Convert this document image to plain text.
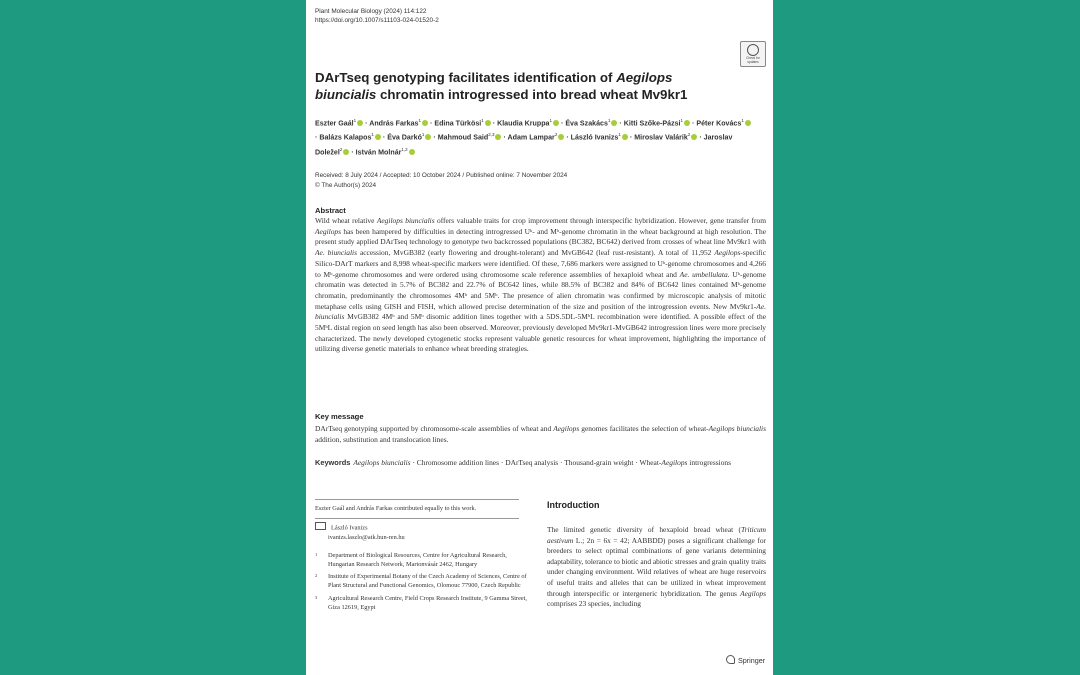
Plant Molecular Biology (2024) 114:122
https://doi.org/10.1007/s11103-024-01520-2
Check for updates
DArTseq genotyping facilitates identification of Aegilops biuncialis chromatin introgressed into bread wheat Mv9kr1
Eszter Gaál$^1$ · András Farkas$^1$ · Edina Türkösi$^1$ · Klaudia Kruppa$^1$ · Éva Szakács$^1$ · Kitti Szőke-Pázsi$^1$ · Péter Kovács$^1$ · Balázs Kalapos$^1$ · Éva Darkó$^1$ · Mahmoud Said$^{2,3}$ · Adam Lampar$^2$ · László Ivanizs$^1$ · Miroslav Valárik$^2$ · Jaroslav Doležel$^2$ · István Molnár$^{1,2}$
Received: 8 July 2024 / Accepted: 10 October 2024 / Published online: 7 November 2024
© The Author(s) 2024
Abstract
Wild wheat relative Aegilops biuncialis offers valuable traits for crop improvement through interspecific hybridization. However, gene transfer from Aegilops has been hampered by difficulties in detecting introgressed Uᵇ- and Mᵇ-genome chromatin in the wheat background at high resolution. The present study applied DArTseq technology to genotype two backcrossed populations (BC382, BC642) derived from crosses of wheat line Mv9kr1 with Ae. biuncialis accession, MvGB382 (early flowering and drought-tolerant) and MvGB642 (leaf rust-resistant). A total of 11,952 Aegilops-specific Silico-DArT markers and 8,998 wheat-specific markers were identified. Of these, 7,686 markers were assigned to Uᵇ-genome chromosomes and 4,266 to Mᵇ-genome chromosomes and were ordered using chromosome scale reference assemblies of hexaploid wheat and Ae. umbellulata. Uᵇ-genome chromatin was detected in 5.7% of BC382 and 22.7% of BC642 lines, while 88.5% of BC382 and 84% of BC642 lines contained Mᵇ-genome chromatin, predominantly the chromosomes 4Mᵇ and 5Mᵇ. The presence of alien chromatin was confirmed by microscopic analysis of mitotic metaphase cells using GISH and FISH, which allowed precise determination of the size and position of the introgression events. New Mv9kr1-Ae. biuncialis MvGB382 4Mᵇ and 5Mᵇ disomic addition lines together with a 5DS.5DL-5MᵇL recombination were identified. A possible effect of the 5MᵇL distal region on seed length has also been observed. Moreover, previously developed Mv9kr1-MvGB642 introgression lines were more precisely characterized. The newly developed cytogenetic stocks represent valuable genetic resources for wheat improvement, highlighting the importance of utilizing diverse genetic materials to enhance wheat breeding strategies.
Key message
DArTseq genotyping supported by chromosome-scale assemblies of wheat and Aegilops genomes facilitates the selection of wheat-Aegilops biuncialis addition, substitution and translocation lines.
Keywords Aegilops biuncialis · Chromosome addition lines · DArTseq analysis · Thousand-grain weight · Wheat-Aegilops introgressions
Eszter Gaál and András Farkas contributed equally to this work.
László Ivanizs
ivanizs.laszlo@atk.hun-ren.hu
1 Department of Biological Resources, Centre for Agricultural Research, Hungarian Research Network, Martonvásár 2462, Hungary
2 Institute of Experimental Botany of the Czech Academy of Sciences, Centre of Plant Structural and Functional Genomics, Olomouc 77900, Czech Republic
3 Agricultural Research Centre, Field Crops Research Institute, 9 Gamma Street, Giza 12619, Egypt
Introduction
The limited genetic diversity of hexaploid bread wheat (Triticum aestivum L.; 2n = 6x = 42; AABBDD) poses a significant challenge for breeders to select optimal combinations of gene variants determining adaptability, tolerance to biotic and abiotic stresses and grain quality traits under changing environment. Wild relatives of wheat are huge reservoirs of useful traits and alleles that can be utilized in wheat improvement through interspecific or intergeneric hybridization. The genus Aegilops comprises 23 species, including
Springer
